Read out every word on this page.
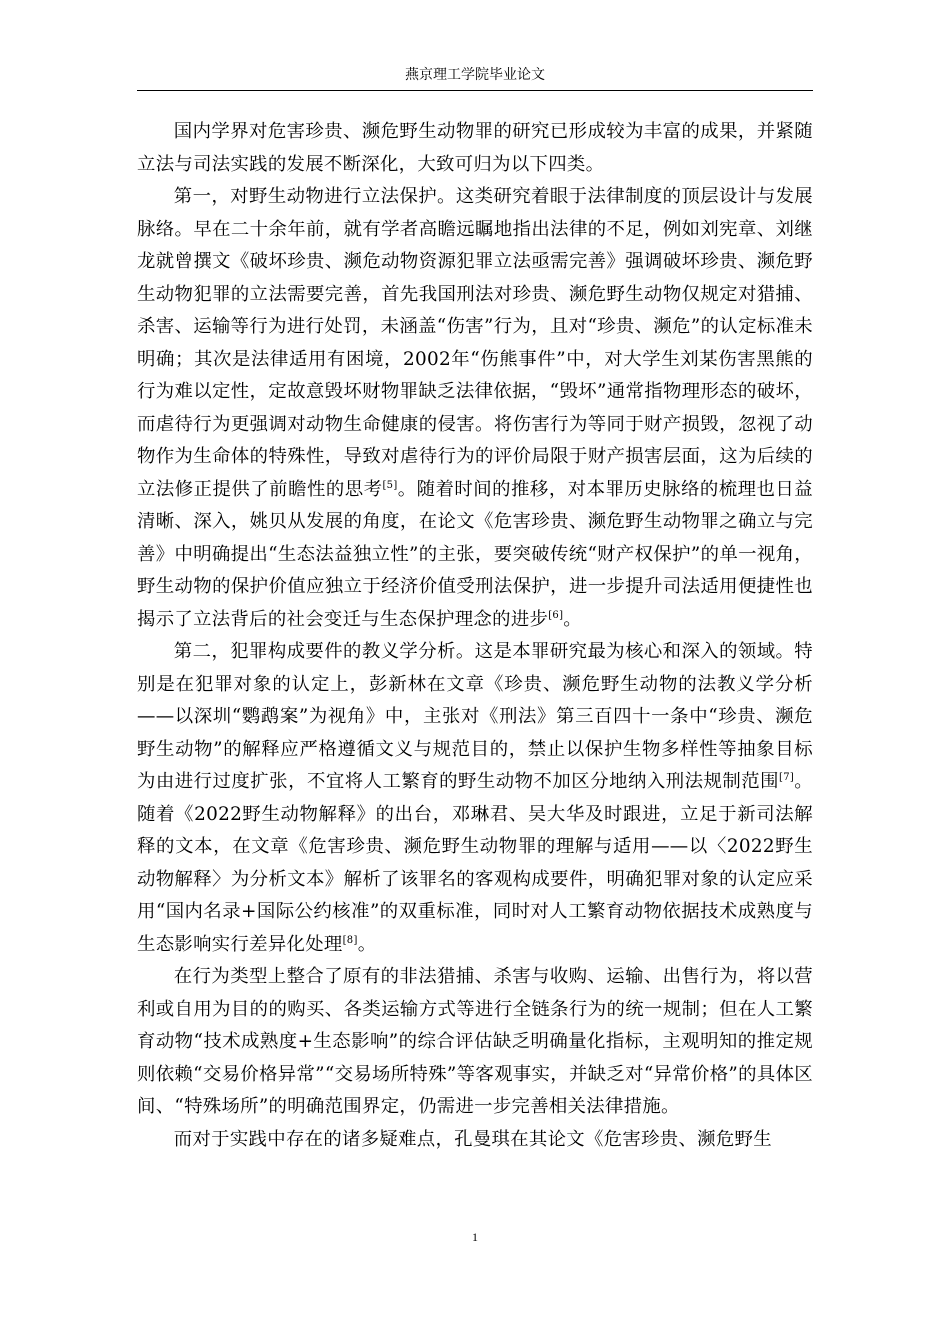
燕京理工学院毕业论文

国内学界对危害珍贵、濒危野生动物罪的研究已形成较为丰富的成果，并紧随立法与司法实践的发展不断深化，大致可归为以下四类。

第一，对野生动物进行立法保护。这类研究着眼于法律制度的顶层设计与发展脉络。早在二十余年前，就有学者高瞻远瞩地指出法律的不足，例如刘宪章、刘继龙就曾撰文《破坏珍贵、濒危动物资源犯罪立法亟需完善》强调破坏珍贵、濒危野生动物犯罪的立法需要完善，首先我国刑法对珍贵、濒危野生动物仅规定对猎捕、杀害、运输等行为进行处罚，未涵盖“伤害”行为，且对“珍贵、濒危”的认定标准未明确；其次是法律适用有困境，2002年“伤熊事件”中，对大学生刘某伤害黑熊的行为难以定性，定故意毁坏财物罪缺乏法律依据，“毁坏”通常指物理形态的破坏，而虐待行为更强调对动物生命健康的侵害。将伤害行为等同于财产损毁，忽视了动物作为生命体的特殊性，导致对虐待行为的评价局限于财产损害层面，这为后续的立法修正提供了前瞻性的思考[5]。随着时间的推移，对本罪历史脉络的梳理也日益清晰、深入，姚贝从发展的角度，在论文《危害珍贵、濒危野生动物罪之确立与完善》中明确提出“生态法益独立性”的主张，要突破传统“财产权保护”的单一视角，野生动物的保护价值应独立于经济价值受刑法保护，进一步提升司法适用便捷性也揭示了立法背后的社会变迁与生态保护理念的进步[6]。

第二，犯罪构成要件的教义学分析。这是本罪研究最为核心和深入的领域。特别是在犯罪对象的认定上，彭新林在文章《珍贵、濒危野生动物的法教义学分析——以深圳“鹦鹉案”为视角》中，主张对《刑法》第三百四十一条中“珍贵、濒危野生动物”的解释应严格遵循文义与规范目的，禁止以保护生物多样性等抽象目标为由进行过度扩张，不宜将人工繁育的野生动物不加区分地纳入刑法规制范围[7]。随着《2022野生动物解释》的出台，邓琳君、吴大华及时跟进，立足于新司法解释的文本，在文章《危害珍贵、濒危野生动物罪的理解与适用——以〈2022野生动物解释〉为分析文本》解析了该罪名的客观构成要件，明确犯罪对象的认定应采用“国内名录+国际公约核准”的双重标准，同时对人工繁育动物依据技术成熟度与生态影响实行差异化处理[8]。

在行为类型上整合了原有的非法猎捕、杀害与收购、运输、出售行为，将以营利或自用为目的的购买、各类运输方式等进行全链条行为的统一规制；但在人工繁育动物“技术成熟度+生态影响”的综合评估缺乏明确量化指标，主观明知的推定规则依赖“交易价格异常”“交易场所特殊”等客观事实，并缺乏对“异常价格”的具体区间、“特殊场所”的明确范围界定，仍需进一步完善相关法律措施。

而对于实践中存在的诸多疑难点，孔曼琪在其论文《危害珍贵、濒危野生

1
